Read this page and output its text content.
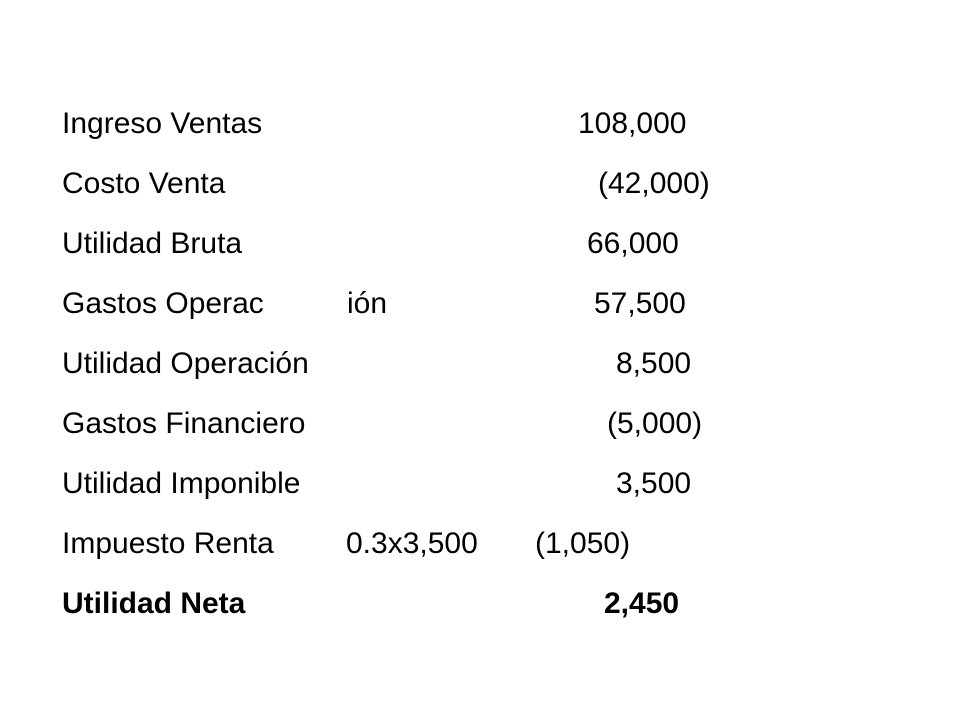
Ingreso Ventas	108,000
Costo Venta	(42,000)
Utilidad Bruta	66,000
Gastos Operac	ión	57,500
Utilidad Operación	8,500
Gastos Financiero	(5,000)
Utilidad Imponible	3,500
Impuesto Renta 0.3x3,500 (1,050)
Utilidad Neta	2,450
